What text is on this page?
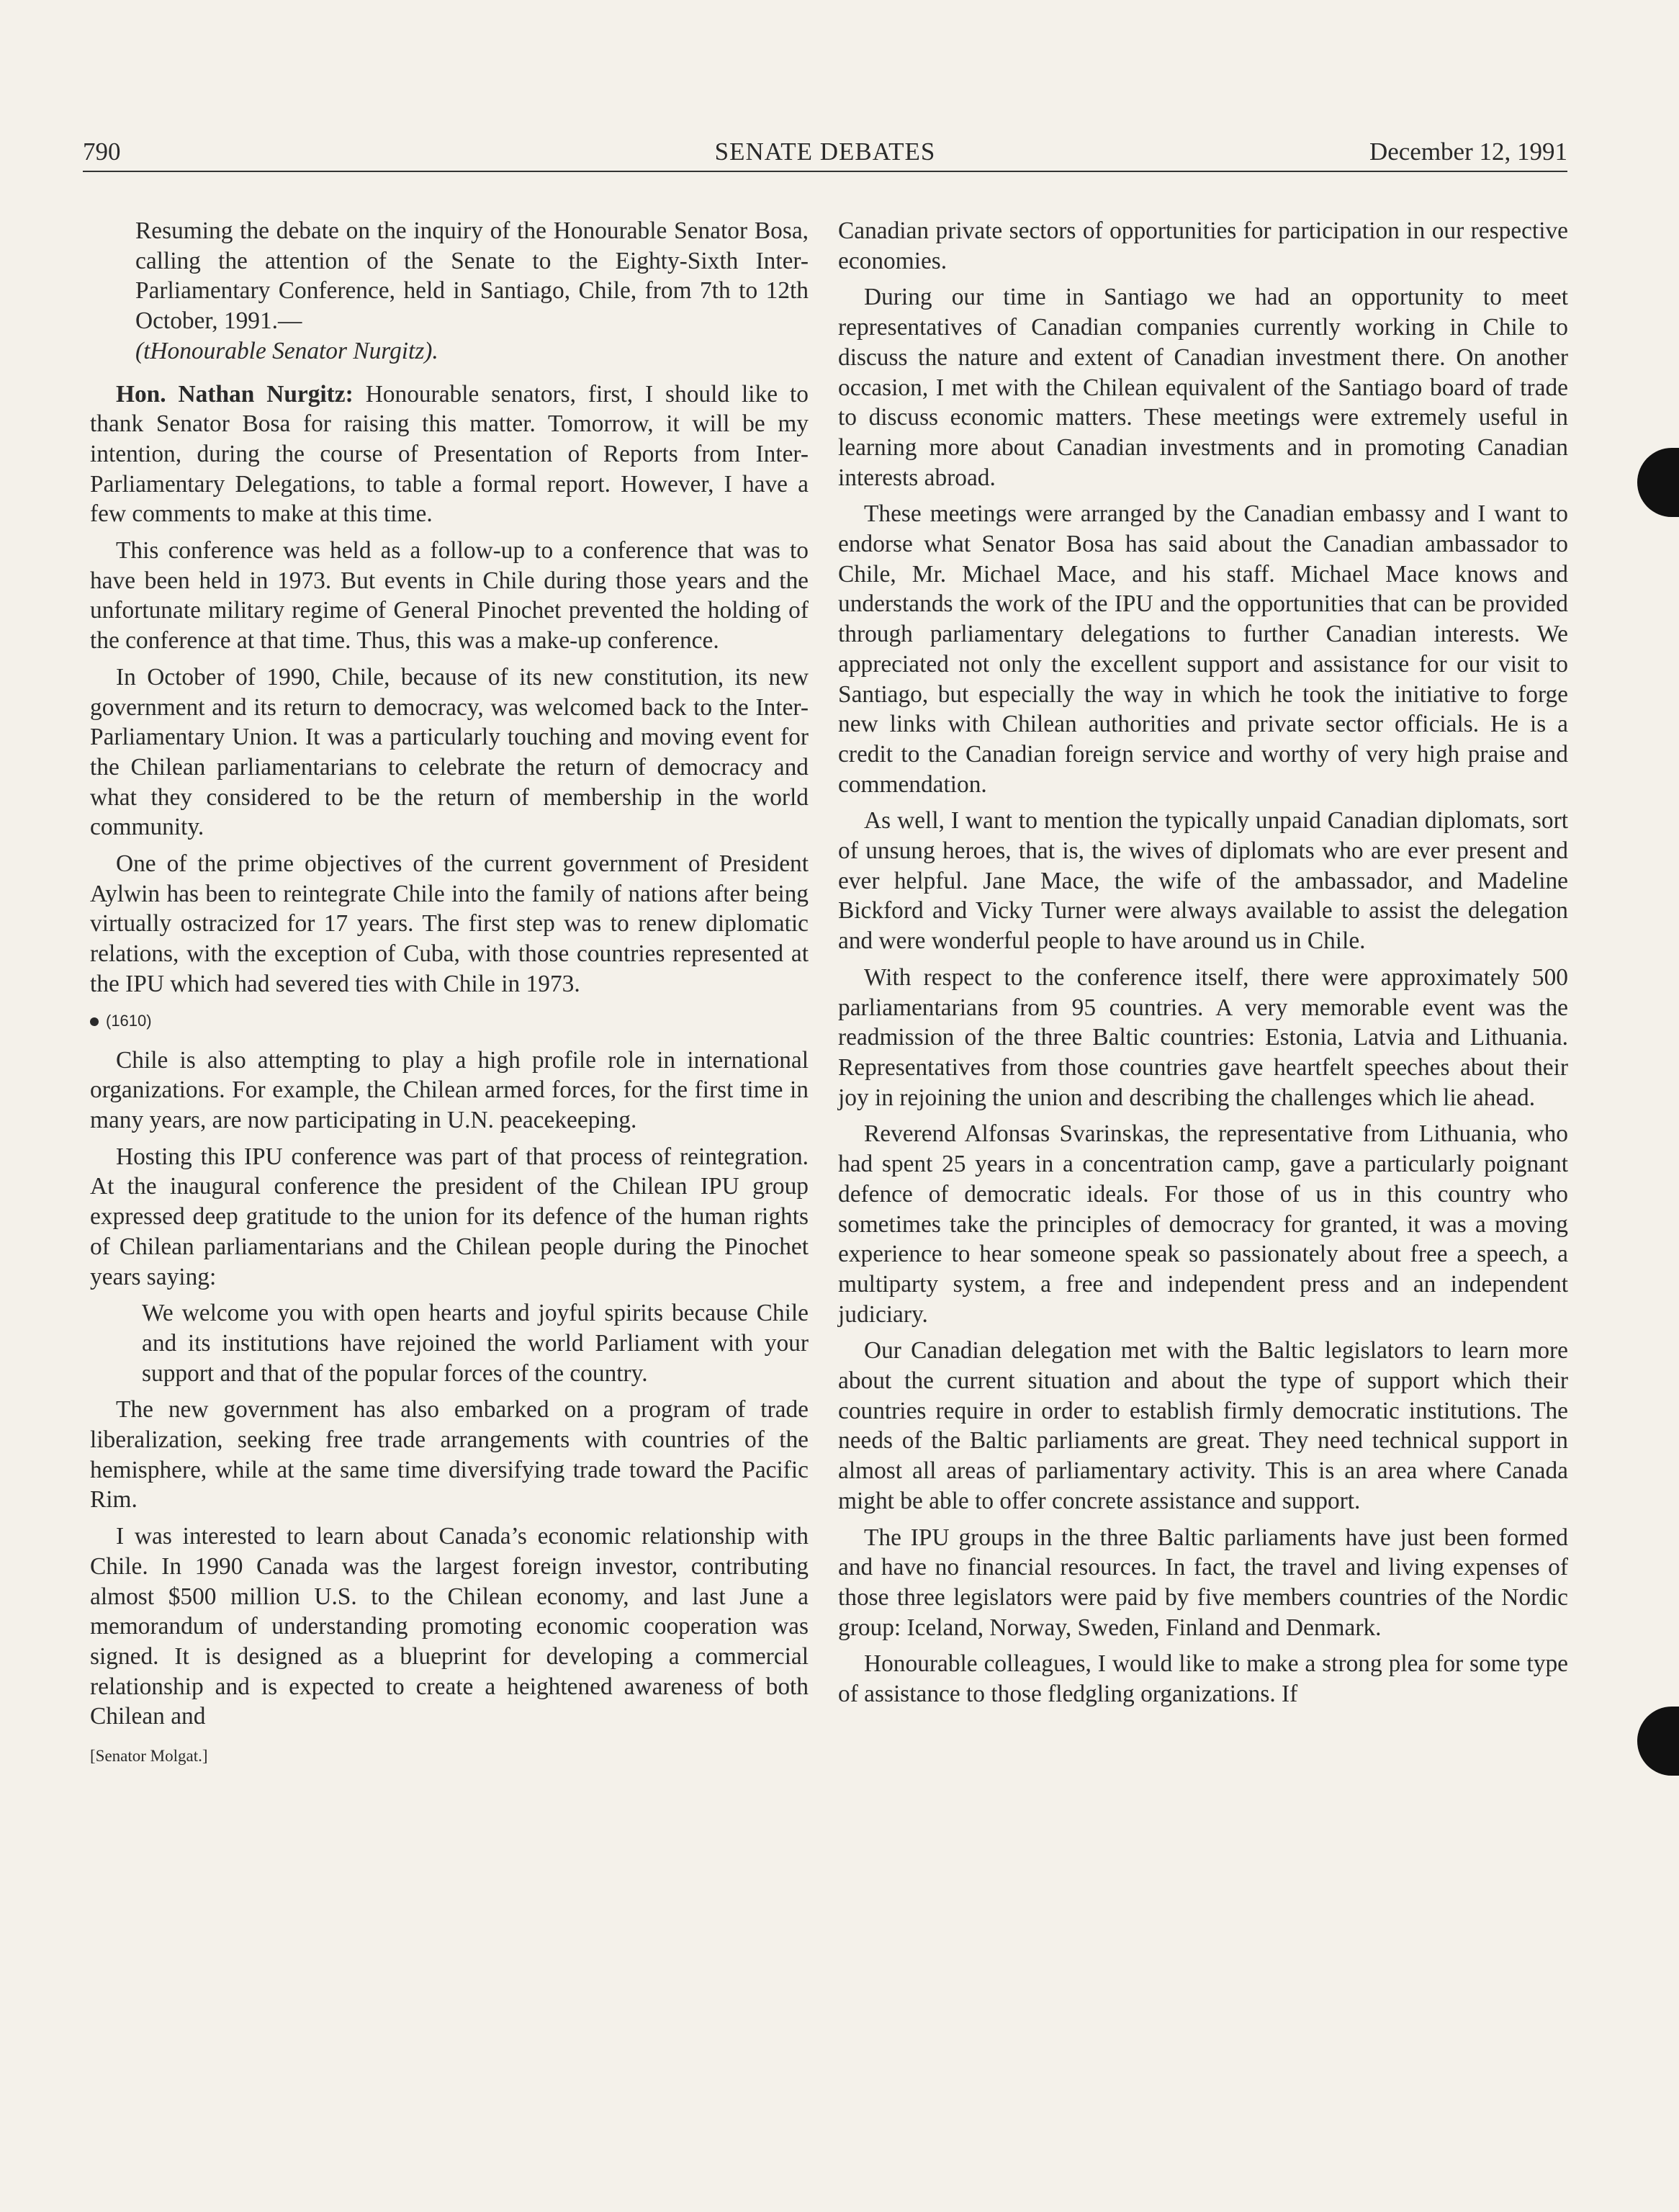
790	SENATE DEBATES	December 12, 1991

Resuming the debate on the inquiry of the Honourable Senator Bosa, calling the attention of the Senate to the Eighty-Sixth Inter-Parliamentary Conference, held in Santiago, Chile, from 7th to 12th October, 1991.—
(tHonourable Senator Nurgitz).

Hon. Nathan Nurgitz: Honourable senators, first, I should like to thank Senator Bosa for raising this matter. Tomorrow, it will be my intention, during the course of Presentation of Reports from Inter-Parliamentary Delegations, to table a formal report. However, I have a few comments to make at this time.

This conference was held as a follow-up to a conference that was to have been held in 1973. But events in Chile during those years and the unfortunate military regime of General Pinochet prevented the holding of the conference at that time. Thus, this was a make-up conference.

In October of 1990, Chile, because of its new constitution, its new government and its return to democracy, was welcomed back to the Inter-Parliamentary Union. It was a particularly touching and moving event for the Chilean parliamentarians to celebrate the return of democracy and what they considered to be the return of membership in the world community.

One of the prime objectives of the current government of President Aylwin has been to reintegrate Chile into the family of nations after being virtually ostracized for 17 years. The first step was to renew diplomatic relations, with the exception of Cuba, with those countries represented at the IPU which had severed ties with Chile in 1973.

(1610)

Chile is also attempting to play a high profile role in international organizations. For example, the Chilean armed forces, for the first time in many years, are now participating in U.N. peacekeeping.

Hosting this IPU conference was part of that process of reintegration. At the inaugural conference the president of the Chilean IPU group expressed deep gratitude to the union for its defence of the human rights of Chilean parliamentarians and the Chilean people during the Pinochet years saying:

We welcome you with open hearts and joyful spirits because Chile and its institutions have rejoined the world Parliament with your support and that of the popular forces of the country.

The new government has also embarked on a program of trade liberalization, seeking free trade arrangements with countries of the hemisphere, while at the same time diversifying trade toward the Pacific Rim.

I was interested to learn about Canada’s economic relationship with Chile. In 1990 Canada was the largest foreign investor, contributing almost $500 million U.S. to the Chilean economy, and last June a memorandum of understanding promoting economic cooperation was signed. It is designed as a blueprint for developing a commercial relationship and is expected to create a heightened awareness of both Chilean and

[Senator Molgat.]

Canadian private sectors of opportunities for participation in our respective economies.

During our time in Santiago we had an opportunity to meet representatives of Canadian companies currently working in Chile to discuss the nature and extent of Canadian investment there. On another occasion, I met with the Chilean equivalent of the Santiago board of trade to discuss economic matters. These meetings were extremely useful in learning more about Canadian investments and in promoting Canadian interests abroad.

These meetings were arranged by the Canadian embassy and I want to endorse what Senator Bosa has said about the Canadian ambassador to Chile, Mr. Michael Mace, and his staff. Michael Mace knows and understands the work of the IPU and the opportunities that can be provided through parliamentary delegations to further Canadian interests. We appreciated not only the excellent support and assistance for our visit to Santiago, but especially the way in which he took the initiative to forge new links with Chilean authorities and private sector officials. He is a credit to the Canadian foreign service and worthy of very high praise and commendation.

As well, I want to mention the typically unpaid Canadian diplomats, sort of unsung heroes, that is, the wives of diplomats who are ever present and ever helpful. Jane Mace, the wife of the ambassador, and Madeline Bickford and Vicky Turner were always available to assist the delegation and were wonderful people to have around us in Chile.

With respect to the conference itself, there were approximately 500 parliamentarians from 95 countries. A very memorable event was the readmission of the three Baltic countries: Estonia, Latvia and Lithuania. Representatives from those countries gave heartfelt speeches about their joy in rejoining the union and describing the challenges which lie ahead.

Reverend Alfonsas Svarinskas, the representative from Lithuania, who had spent 25 years in a concentration camp, gave a particularly poignant defence of democratic ideals. For those of us in this country who sometimes take the principles of democracy for granted, it was a moving experience to hear someone speak so passionately about free a speech, a multiparty system, a free and independent press and an independent judiciary.

Our Canadian delegation met with the Baltic legislators to learn more about the current situation and about the type of support which their countries require in order to establish firmly democratic institutions. The needs of the Baltic parliaments are great. They need technical support in almost all areas of parliamentary activity. This is an area where Canada might be able to offer concrete assistance and support.

The IPU groups in the three Baltic parliaments have just been formed and have no financial resources. In fact, the travel and living expenses of those three legislators were paid by five members countries of the Nordic group: Iceland, Norway, Sweden, Finland and Denmark.

Honourable colleagues, I would like to make a strong plea for some type of assistance to those fledgling organizations. If
